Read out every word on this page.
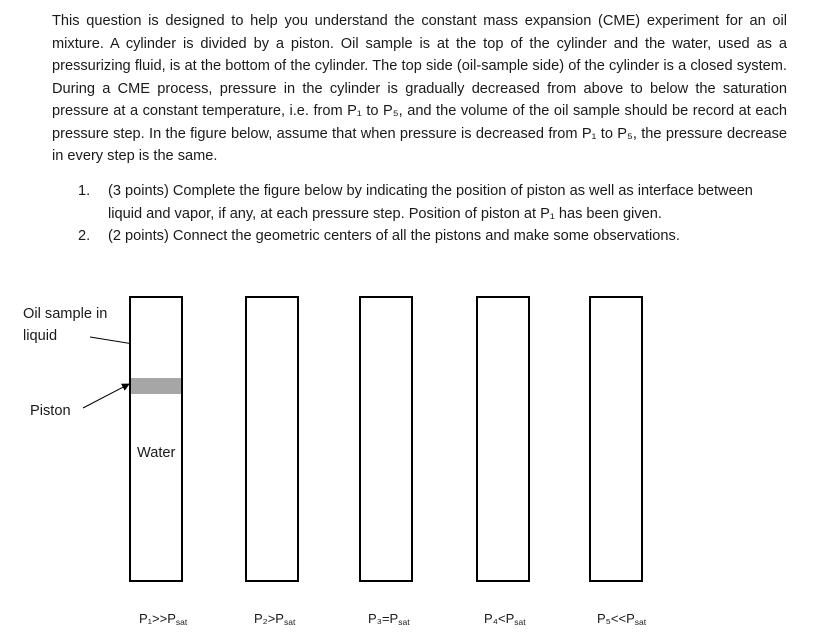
This question is designed to help you understand the constant mass expansion (CME) experiment for an oil mixture. A cylinder is divided by a piston. Oil sample is at the top of the cylinder and the water, used as a pressurizing fluid, is at the bottom of the cylinder. The top side (oil-sample side) of the cylinder is a closed system. During a CME process, pressure in the cylinder is gradually decreased from above to below the saturation pressure at a constant temperature, i.e. from P₁ to P₅, and the volume of the oil sample should be record at each pressure step. In the figure below, assume that when pressure is decreased from P₁ to P₅, the pressure decrease in every step is the same.

1. (3 points) Complete the figure below by indicating the position of piston as well as interface between liquid and vapor, if any, at each pressure step. Position of piston at P₁ has been given.
2. (2 points) Connect the geometric centers of all the pistons and make some observations.
Oil sample in liquid
Piston
Water
$P_1>>P_{sat}$	$P_2>P_{sat}$	$P_3=P_{sat}$	$P_4<P_{sat}$	$P_5<<P_{sat}$
